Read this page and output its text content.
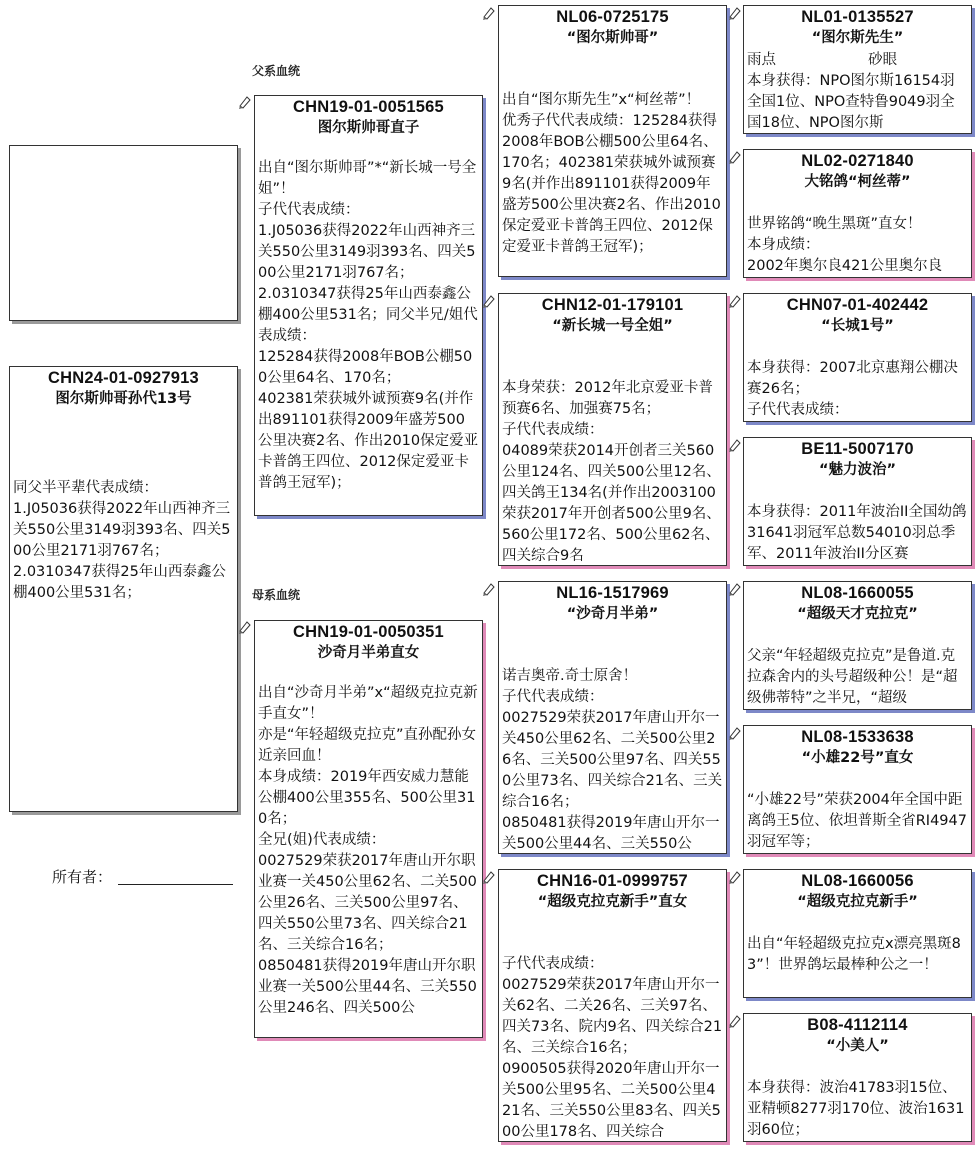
CHN24-01-0927913
图尔斯帅哥孙代13号
同父半平辈代表成绩：
1.J05036获得2022年山西神齐三关550公里3149羽393名、四关500公里2171羽767名；
2.0310347获得25年山西泰鑫公棚400公里531名；
所有者：
父系血统
母系血统
CHN19-01-0051565
图尔斯帅哥直子
出自“图尔斯帅哥”*“新长城一号全姐”！
子代代表成绩：
1.J05036获得2022年山西神齐三关550公里3149羽393名、四关500公里2171羽767名；
2.0310347获得25年山西泰鑫公棚400公里531名；同父半兄/姐代表成绩：
125284获得2008年BOB公棚500公里64名、170名；
402381荣获城外诚预赛9名(并作出891101获得2009年盛芳500公里决赛2名、作出2010保定爱亚卡普鸽王四位、2012保定爱亚卡普鸽王冠军)；
CHN19-01-0050351
沙奇月半弟直女
出自“沙奇月半弟”x“超级克拉克新手直女”！
亦是“年轻超级克拉克”直孙配孙女近亲回血！
本身成绩：2019年西安威力慧能公棚400公里355名、500公里310名；
全兄(姐)代表成绩：
0027529荣获2017年唐山开尔职业赛一关450公里62名、二关500公里26名、三关500公里97名、四关550公里73名、四关综合21名、三关综合16名；
0850481获得2019年唐山开尔职业赛一关500公里44名、三关550公里246名、四关500公
NL06-0725175
“图尔斯帅哥”
出自“图尔斯先生”x“柯丝蒂”！
优秀子代代表成绩：125284获得2008年BOB公棚500公里64名、170名；402381荣获城外诚预赛9名(并作出891101获得2009年盛芳500公里决赛2名、作出2010保定爱亚卡普鸽王四位、2012保定爱亚卡普鸽王冠军)；
CHN12-01-179101
“新长城一号全姐”
本身荣获：2012年北京爱亚卡普预赛6名、加强赛75名；
子代代表成绩：
04089荣获2014开创者三关560公里124名、四关500公里12名、四关鸽王134名(并作出2003100荣获2017年开创者500公里9名、560公里172名、500公里62名、四关综合9名
NL16-1517969
“沙奇月半弟”
诺吉奥帝.奇士原舍！
子代代表成绩：
0027529荣获2017年唐山开尔一关450公里62名、二关500公里26名、三关500公里97名、四关550公里73名、四关综合21名、三关综合16名；
0850481获得2019年唐山开尔一关500公里44名、三关550公
CHN16-01-0999757
“超级克拉克新手”直女
子代代表成绩：
0027529荣获2017年唐山开尔一关62名、二关26名、三关97名、四关73名、院内9名、四关综合21名、三关综合16名；
0900505获得2020年唐山开尔一关500公里95名、二关500公里421名、三关550公里83名、四关500公里178名、四关综合
NL01-0135527
“图尔斯先生”
雨点                    砂眼
本身获得：NPO图尔斯16154羽全国1位、NPO查特鲁9049羽全国18位、NPO图尔斯
NL02-0271840
大铭鸽“柯丝蒂”
世界铭鸽“晚生黑斑”直女！
本身成绩：
2002年奥尔良421公里奥尔良
CHN07-01-402442
“长城1号”
本身获得：2007北京惠翔公棚决赛26名；
子代代表成绩：
BE11-5007170
“魅力波治”
本身获得：2011年波治II全国幼鸽31641羽冠军总数54010羽总季军、2011年波治II分区赛
NL08-1660055
“超级天才克拉克”
父亲“年轻超级克拉克”是鲁道.克拉森舍内的头号超级种公！是“超级佛蒂特”之半兄，“超级
NL08-1533638
“小雄22号”直女
“小雄22号”荣获2004年全国中距离鸽王5位、依坦普斯全省RI4947羽冠军等；
NL08-1660056
“超级克拉克新手”
出自“年轻超级克拉克x漂亮黑斑83”！世界鸽坛最棒种公之一！
B08-4112114
“小美人”
本身获得：波治41783羽15位、亚精顿8277羽170位、波治1631羽60位；
